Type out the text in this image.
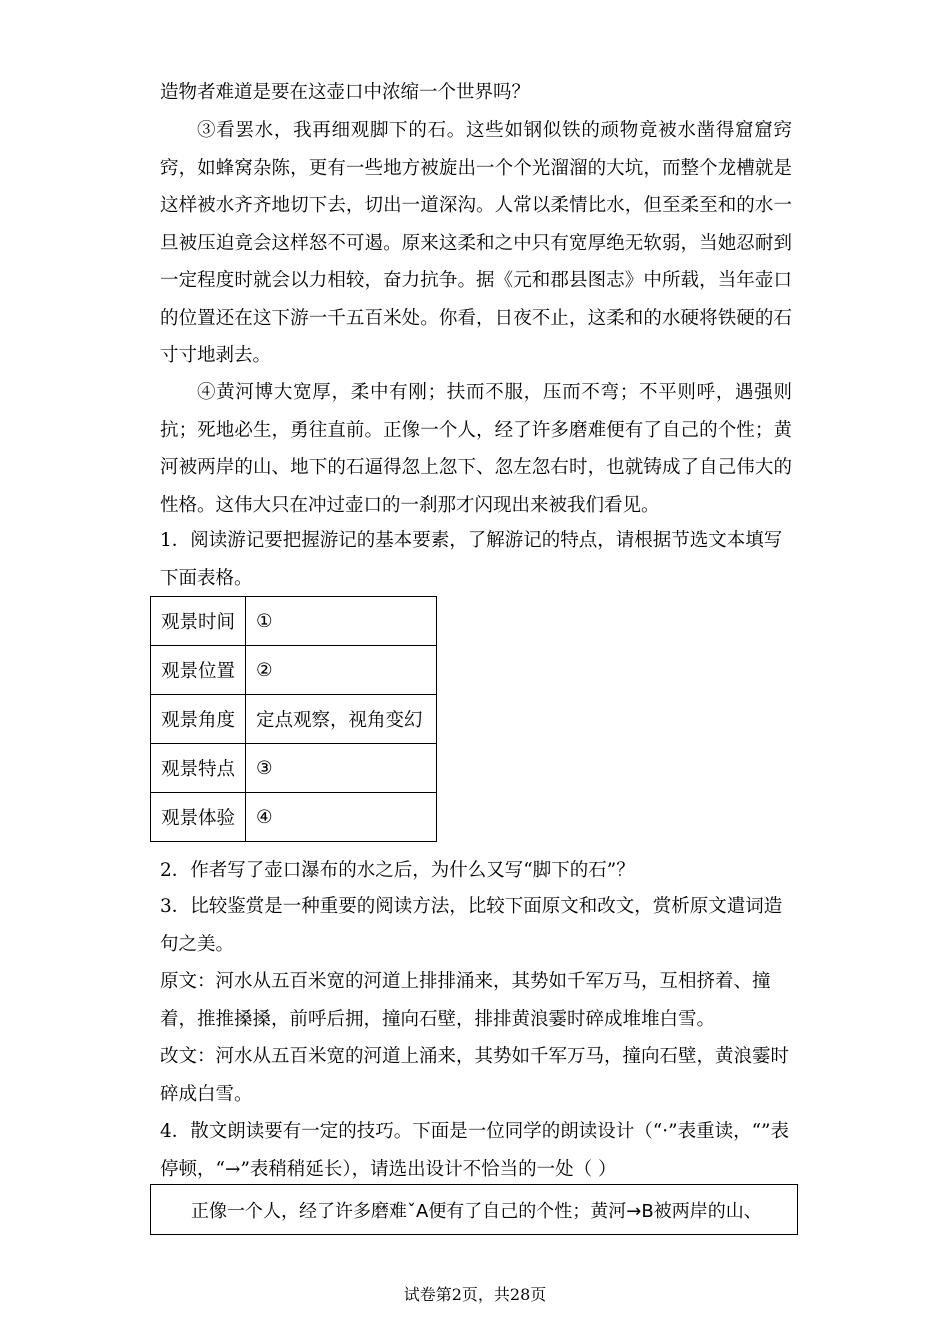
造物者难道是要在这壶口中浓缩一个世界吗？

③看罢水，我再细观脚下的石。这些如钢似铁的顽物竟被水凿得窟窟窍窍，如蜂窝杂陈，更有一些地方被旋出一个个光溜溜的大坑，而整个龙槽就是这样被水齐齐地切下去，切出一道深沟。人常以柔情比水，但至柔至和的水一旦被压迫竟会这样怒不可遏。原来这柔和之中只有宽厚绝无软弱，当她忍耐到一定程度时就会以力相较，奋力抗争。据《元和郡县图志》中所载，当年壶口的位置还在这下游一千五百米处。你看，日夜不止，这柔和的水硬将铁硬的石寸寸地剥去。

④黄河博大宽厚，柔中有刚；扶而不服，压而不弯；不平则呼，遇强则抗；死地必生，勇往直前。正像一个人，经了许多磨难便有了自己的个性；黄河被两岸的山、地下的石逼得忽上忽下、忽左忽右时，也就铸成了自己伟大的性格。这伟大只在冲过壶口的一刹那才闪现出来被我们看见。

1．阅读游记要把握游记的基本要素，了解游记的特点，请根据节选文本填写下面表格。

观景时间	①
观景位置	②
观景角度	定点观察，视角变幻
观景特点	③
观景体验	④

2．作者写了壶口瀑布的水之后，为什么又写“脚下的石”？

3．比较鉴赏是一种重要的阅读方法，比较下面原文和改文，赏析原文遣词造句之美。

原文：河水从五百米宽的河道上排排涌来，其势如千军万马，互相挤着、撞着，推推搡搡，前呼后拥，撞向石壁，排排黄浪霎时碎成堆堆白雪。

改文：河水从五百米宽的河道上涌来，其势如千军万马，撞向石壁，黄浪霎时碎成白雪。

4．散文朗读要有一定的技巧。下面是一位同学的朗读设计（“·”表重读，“”表停顿，“→”表稍稍延长），请选出设计不恰当的一处（ ）

正像一个人，经了许多磨难ˇA便有了自己的个性；黄河→B被两岸的山、
试卷第2页，共28页
